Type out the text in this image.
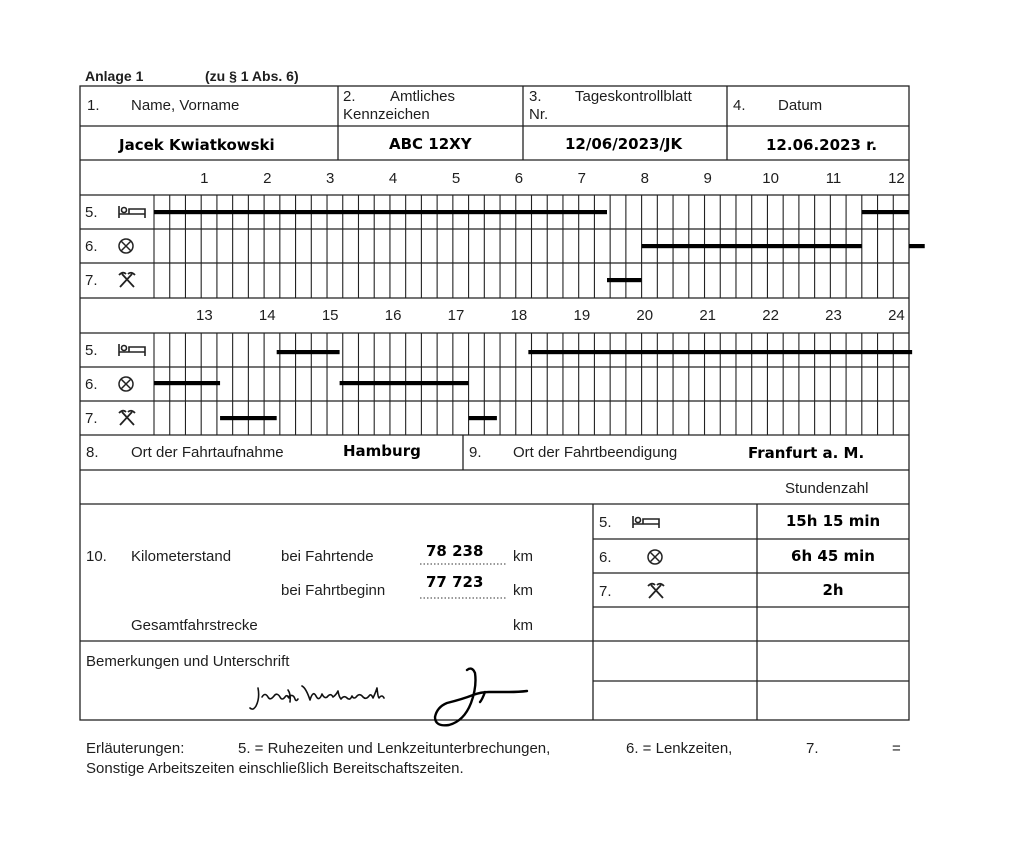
Anlage 1	(zu § 1 Abs. 6)
1. Name, Vorname
2. Amtliches
Kennzeichen
3. Tageskontrollblatt
Nr.
4. Datum
Jacek Kwiatkowski	ABC 12XY	12/06/2023/JK	12.06.2023 r.
1	2	3	4	5	6	7	8	9	10	11	12
13	14	15	16	17	18	19	20	21	22	23	24
5.
6.
7.
5.
6.
7.
8. Ort der Fahrtaufnahme	Hamburg	9. Ort der Fahrtbeendigung	Franfurt a. M.
Stundenzahl
10. Kilometerstand	bei Fahrtende	78 238 km
bei Fahrtbeginn	77 723 km
Gesamtfahrstrecke	km
5.	15h 15 min
6.	6h 45 min
7.	2h
Bemerkungen und Unterschrift
Erläuterungen:	5. = Ruhezeiten und Lenkzeitunterbrechungen,	6. = Lenkzeiten,	7.	=
Sonstige Arbeitszeiten einschließlich Bereitschaftszeiten.
